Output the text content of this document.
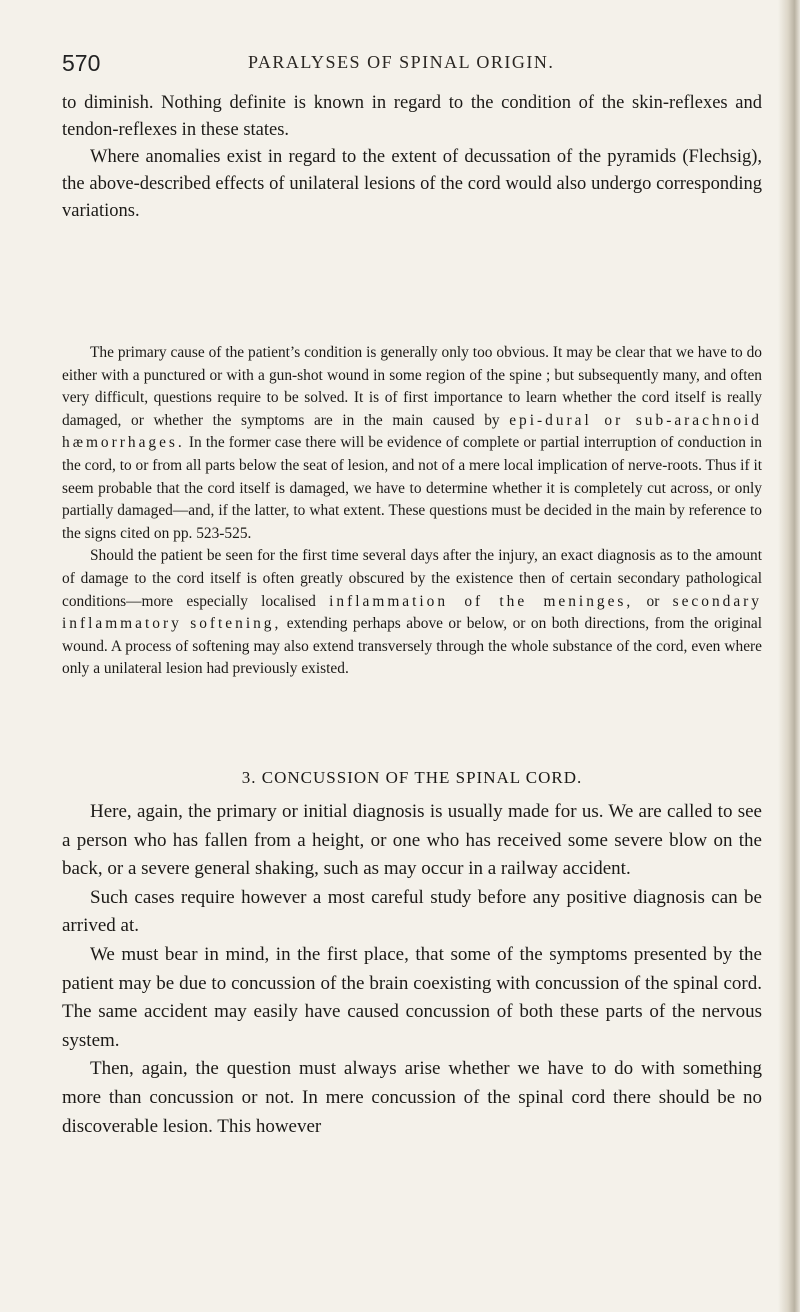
570	PARALYSES OF SPINAL ORIGIN.

to diminish. Nothing definite is known in regard to the condition of the skin-reflexes and tendon-reflexes in these states.

Where anomalies exist in regard to the extent of decussation of the pyramids (Flechsig), the above-described effects of unilateral lesions of the cord would also undergo corresponding variations.

The primary cause of the patient’s condition is generally only too obvious. It may be clear that we have to do either with a punctured or with a gun-shot wound in some region of the spine ; but subsequently many, and often very difficult, questions require to be solved. It is of first importance to learn whether the cord itself is really damaged, or whether the symptoms are in the main caused by epi-dural or sub-arachnoid hæmorrhages. In the former case there will be evidence of complete or partial interruption of conduction in the cord, to or from all parts below the seat of lesion, and not of a mere local implication of nerve-roots. Thus if it seem probable that the cord itself is damaged, we have to determine whether it is completely cut across, or only partially damaged—and, if the latter, to what extent. These questions must be decided in the main by reference to the signs cited on pp. 523-525.

Should the patient be seen for the first time several days after the injury, an exact diagnosis as to the amount of damage to the cord itself is often greatly obscured by the existence then of certain secondary pathological conditions—more especially localised inflammation of the meninges, or secondary inflammatory softening, extending perhaps above or below, or on both directions, from the original wound. A process of softening may also extend transversely through the whole substance of the cord, even where only a unilateral lesion had previously existed.

3. CONCUSSION OF THE SPINAL CORD.

Here, again, the primary or initial diagnosis is usually made for us. We are called to see a person who has fallen from a height, or one who has received some severe blow on the back, or a severe general shaking, such as may occur in a railway accident.

Such cases require however a most careful study before any positive diagnosis can be arrived at.

We must bear in mind, in the first place, that some of the symptoms presented by the patient may be due to concussion of the brain coexisting with concussion of the spinal cord. The same accident may easily have caused concussion of both these parts of the nervous system.

Then, again, the question must always arise whether we have to do with something more than concussion or not. In mere concussion of the spinal cord there should be no discoverable lesion. This however
